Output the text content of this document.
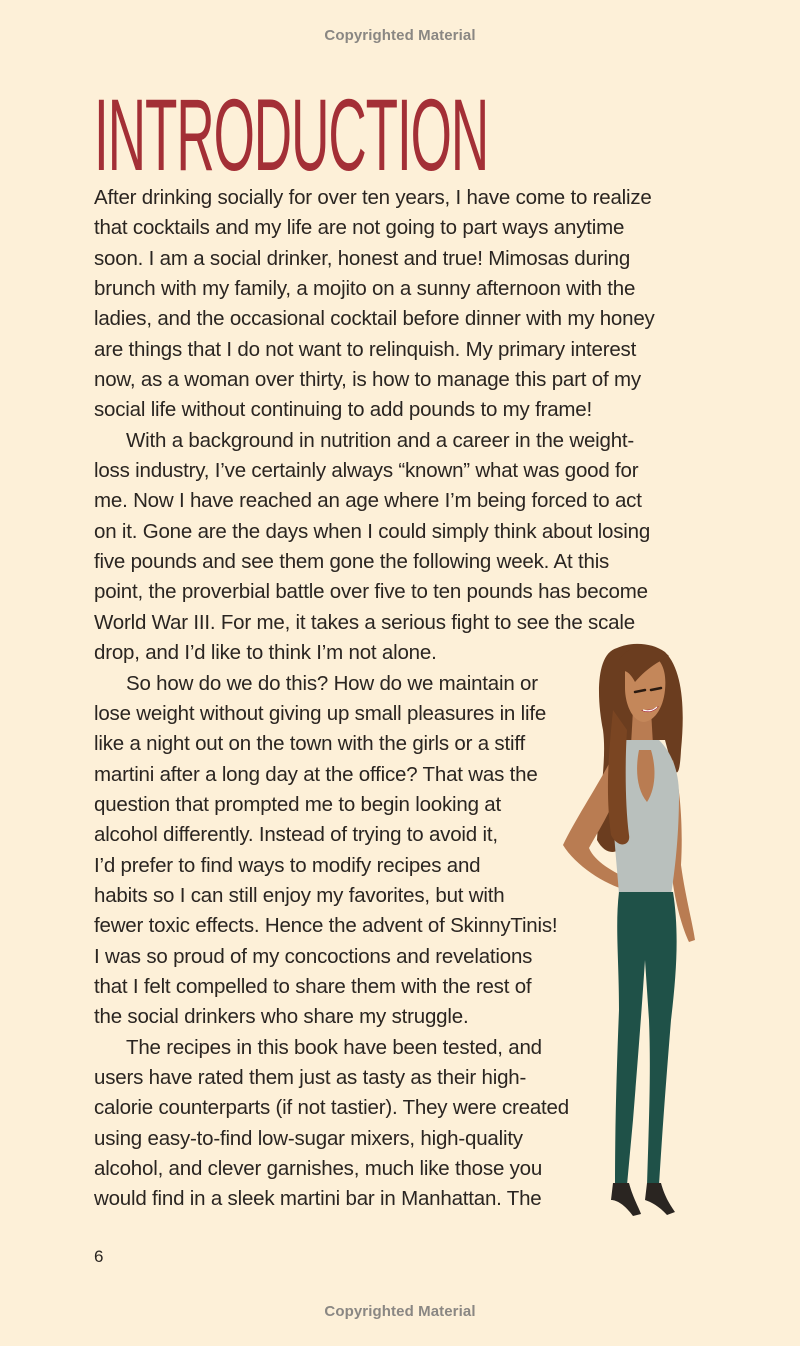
Copyrighted Material
INTRODUCTION
After drinking socially for over ten years, I have come to realize
that cocktails and my life are not going to part ways anytime
soon. I am a social drinker, honest and true! Mimosas during
brunch with my family, a mojito on a sunny afternoon with the
ladies, and the occasional cocktail before dinner with my honey
are things that I do not want to relinquish. My primary interest
now, as a woman over thirty, is how to manage this part of my
social life without continuing to add pounds to my frame!
With a background in nutrition and a career in the weight-
loss industry, I’ve certainly always “known” what was good for
me. Now I have reached an age where I’m being forced to act
on it. Gone are the days when I could simply think about losing
five pounds and see them gone the following week. At this
point, the proverbial battle over five to ten pounds has become
World War III. For me, it takes a serious fight to see the scale
drop, and I’d like to think I’m not alone.
So how do we do this? How do we maintain or
lose weight without giving up small pleasures in life
like a night out on the town with the girls or a stiff
martini after a long day at the office? That was the
question that prompted me to begin looking at
alcohol differently. Instead of trying to avoid it,
I’d prefer to find ways to modify recipes and
habits so I can still enjoy my favorites, but with
fewer toxic effects. Hence the advent of SkinnyTinis!
I was so proud of my concoctions and revelations
that I felt compelled to share them with the rest of
the social drinkers who share my struggle.
The recipes in this book have been tested, and
users have rated them just as tasty as their high-
calorie counterparts (if not tastier). They were created
using easy-to-find low-sugar mixers, high-quality
alcohol, and clever garnishes, much like those you
would find in a sleek martini bar in Manhattan. The
6
Copyrighted Material
